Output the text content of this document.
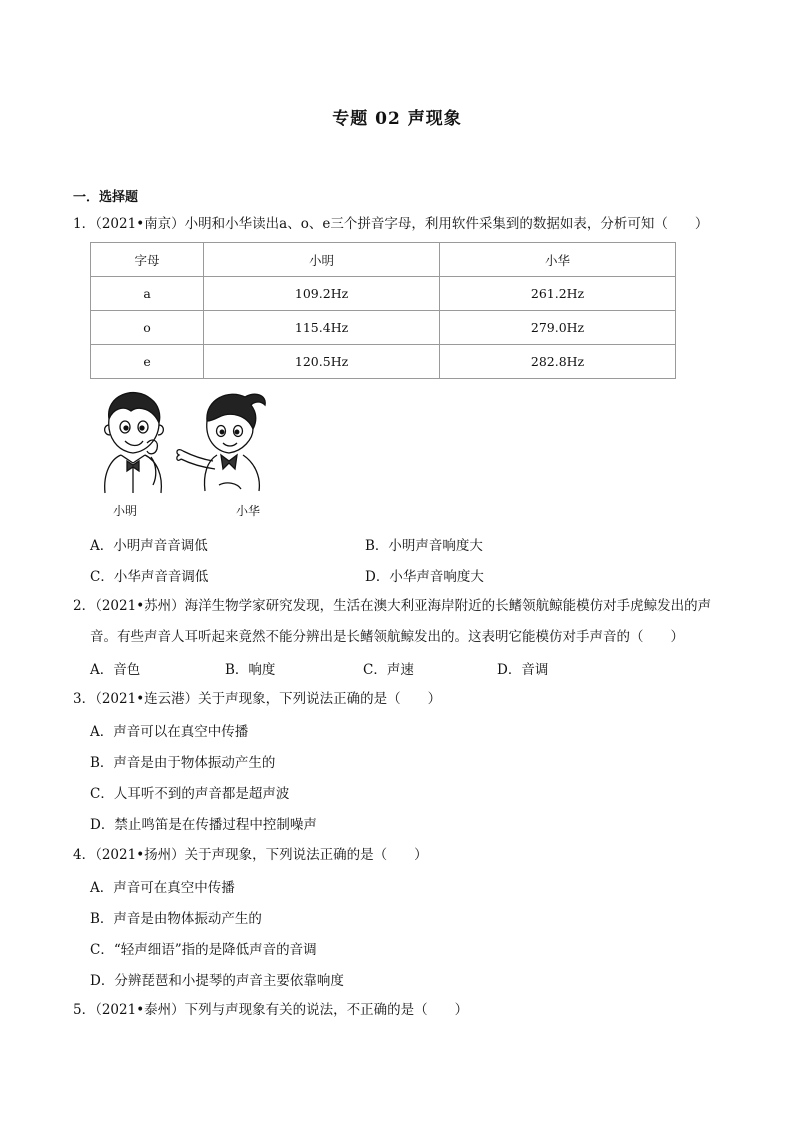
专题 02 声现象
一．选择题
1．（2021•南京）小明和小华读出a、o、e三个拼音字母，利用软件采集到的数据如表，分析可知（　　）
字母	小明	小华
a	109.2Hz	261.2Hz
o	115.4Hz	279.0Hz
e	120.5Hz	282.8Hz
小明	小华
A．小明声音音调低	B．小明声音响度大
C．小华声音音调低	D．小华声音响度大
2．（2021•苏州）海洋生物学家研究发现，生活在澳大利亚海岸附近的长鳍领航鲸能模仿对手虎鲸发出的声
音。有些声音人耳听起来竟然不能分辨出是长鳍领航鲸发出的。这表明它能模仿对手声音的（　　）
A．音色	B．响度	C．声速	D．音调
3．（2021•连云港）关于声现象，下列说法正确的是（　　）
A．声音可以在真空中传播
B．声音是由于物体振动产生的
C．人耳听不到的声音都是超声波
D．禁止鸣笛是在传播过程中控制噪声
4．（2021•扬州）关于声现象，下列说法正确的是（　　）
A．声音可在真空中传播
B．声音是由物体振动产生的
C．“轻声细语”指的是降低声音的音调
D．分辨琵琶和小提琴的声音主要依靠响度
5．（2021•泰州）下列与声现象有关的说法，不正确的是（　　）
